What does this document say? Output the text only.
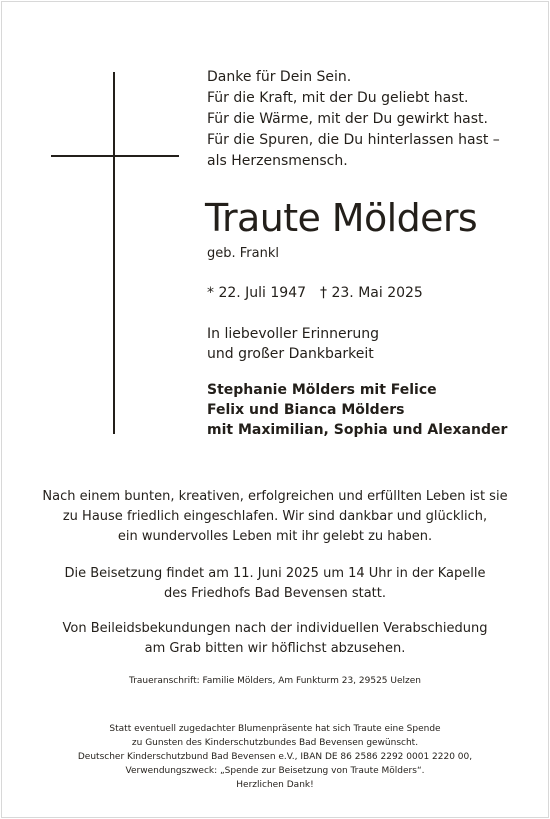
Danke für Dein Sein.
Für die Kraft, mit der Du geliebt hast.
Für die Wärme, mit der Du gewirkt hast.
Für die Spuren, die Du hinterlassen hast –
als Herzensmensch.
Traute Mölders
geb. Frankl
* 22. Juli 1947 † 23. Mai 2025
In liebevoller Erinnerung
und großer Dankbarkeit
Stephanie Mölders mit Felice
Felix und Bianca Mölders
mit Maximilian, Sophia und Alexander
Nach einem bunten, kreativen, erfolgreichen und erfüllten Leben ist sie
zu Hause friedlich eingeschlafen. Wir sind dankbar und glücklich,
ein wundervolles Leben mit ihr gelebt zu haben.
Die Beisetzung findet am 11. Juni 2025 um 14 Uhr in der Kapelle
des Friedhofs Bad Bevensen statt.
Von Beileidsbekundungen nach der individuellen Verabschiedung
am Grab bitten wir höflichst abzusehen.
Traueranschrift: Familie Mölders, Am Funkturm 23, 29525 Uelzen
Statt eventuell zugedachter Blumenpräsente hat sich Traute eine Spende
zu Gunsten des Kinderschutzbundes Bad Bevensen gewünscht.
Deutscher Kinderschutzbund Bad Bevensen e.V., IBAN DE 86 2586 2292 0001 2220 00,
Verwendungszweck: „Spende zur Beisetzung von Traute Mölders“.
Herzlichen Dank!
